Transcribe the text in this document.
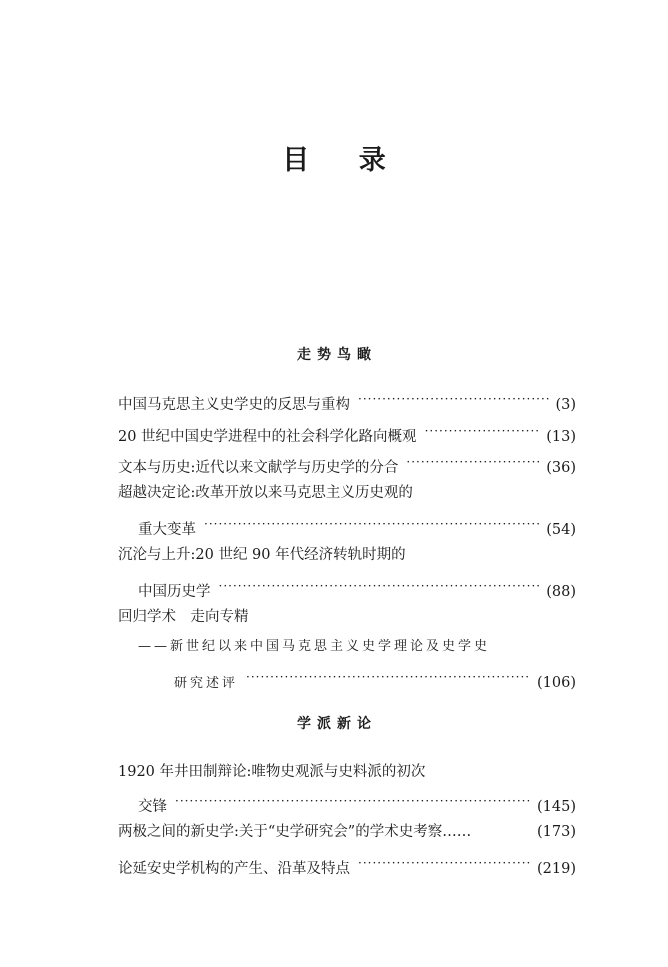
目 录
走势鸟瞰
中国马克思主义史学史的反思与重构 ·····	(3)
20 世纪中国史学进程中的社会科学化路向概观 ·····	(13)
文本与历史:近代以来文献学与历史学的分合 ·····	(36)
超越决定论:改革开放以来马克思主义历史观的
重大变革 ·····	(54)
沉沦与上升:20 世纪 90 年代经济转轨时期的
中国历史学 ·····	(88)
回归学术　走向专精
——新世纪以来中国马克思主义史学理论及史学史
研究述评 ·····	(106)
学派新论
1920 年井田制辩论:唯物史观派与史料派的初次
交锋 ·····	(145)
两极之间的新史学:关于“史学研究会”的学术史考察……	(173)
论延安史学机构的产生、沿革及特点 ·····	(219)
